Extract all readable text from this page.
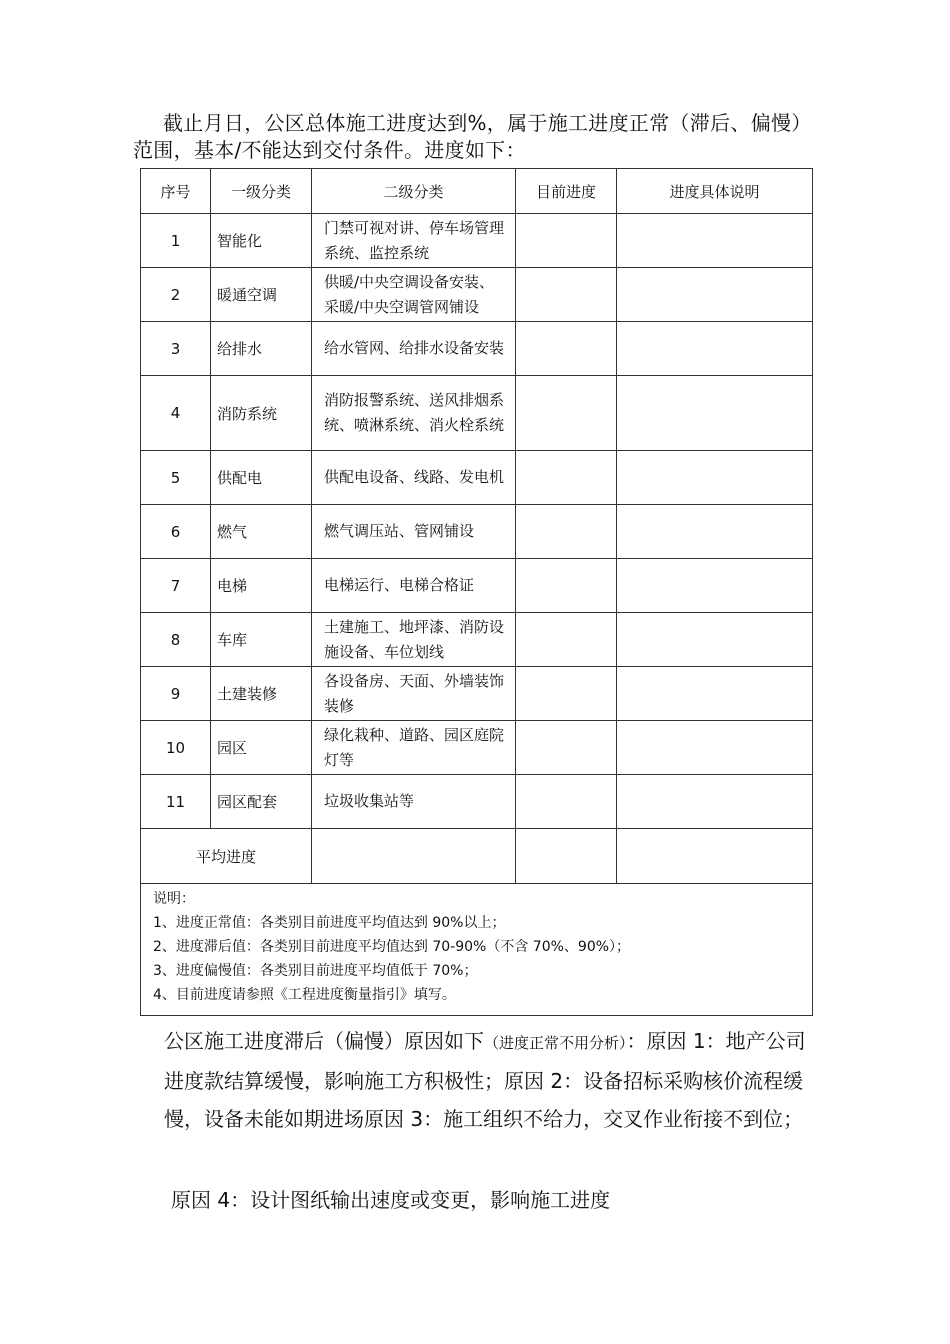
截止月日，公区总体施工进度达到%，属于施工进度正常（滞后、偏慢）范围，基本/不能达到交付条件。进度如下：

序号	一级分类	二级分类	目前进度	进度具体说明
1	智能化	门禁可视对讲、停车场管理系统、监控系统		
2	暖通空调	供暖/中央空调设备安装、采暖/中央空调管网铺设		
3	给排水	给水管网、给排水设备安装		
4	消防系统	消防报警系统、送风排烟系统、喷淋系统、消火栓系统		
5	供配电	供配电设备、线路、发电机		
6	燃气	燃气调压站、管网铺设		
7	电梯	电梯运行、电梯合格证		
8	车库	土建施工、地坪漆、消防设施设备、车位划线		
9	土建装修	各设备房、天面、外墙装饰装修		
10	园区	绿化栽种、道路、园区庭院灯等		
11	园区配套	垃圾收集站等		
平均进度				

说明：
1、进度正常值：各类别目前进度平均值达到 90%以上；
2、进度滞后值：各类别目前进度平均值达到 70-90%（不含 70%、90%）；
3、进度偏慢值：各类别目前进度平均值低于 70%；
4、目前进度请参照《工程进度衡量指引》填写。				

公区施工进度滞后（偏慢）原因如下（进度正常不用分析）：原因 1：地产公司进度款结算缓慢，影响施工方积极性；原因 2：设备招标采购核价流程缓慢，设备未能如期进场原因 3：施工组织不给力，交叉作业衔接不到位；

原因 4：设计图纸输出速度或变更，影响施工进度
